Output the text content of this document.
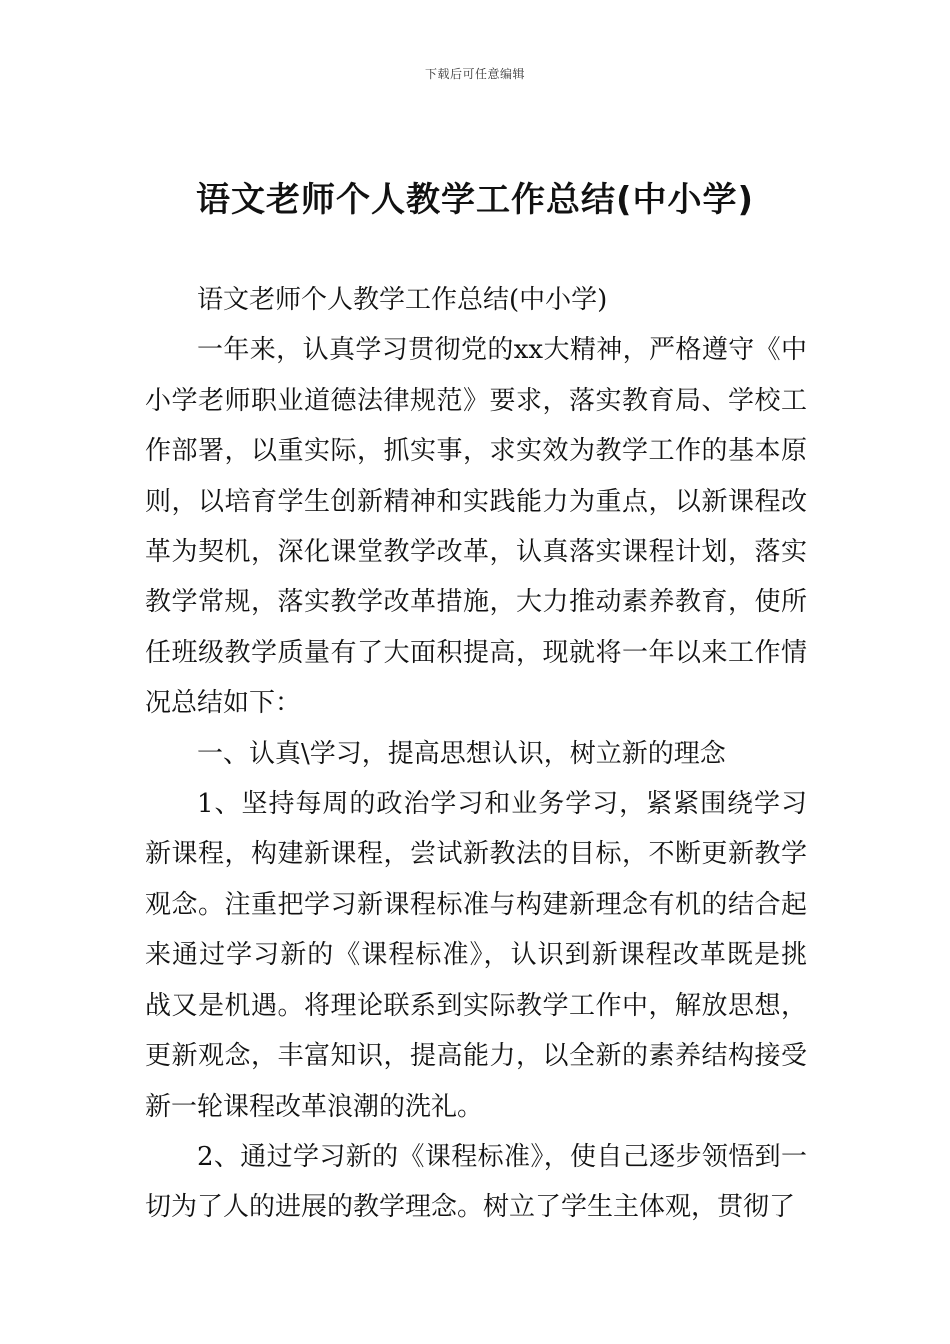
下载后可任意编辑
语文老师个人教学工作总结(中小学)

语文老师个人教学工作总结(中小学)

一年来，认真学习贯彻党的xx大精神，严格遵守《中小学老师职业道德法律规范》要求，落实教育局、学校工作部署，以重实际，抓实事，求实效为教学工作的基本原则，以培育学生创新精神和实践能力为重点，以新课程改革为契机，深化课堂教学改革，认真落实课程计划，落实教学常规，落实教学改革措施，大力推动素养教育，使所任班级教学质量有了大面积提高，现就将一年以来工作情况总结如下：

一、认真\学习，提高思想认识，树立新的理念

1、坚持每周的政治学习和业务学习，紧紧围绕学习新课程，构建新课程，尝试新教法的目标，不断更新教学观念。注重把学习新课程标准与构建新理念有机的结合起来通过学习新的《课程标准》，认识到新课程改革既是挑战又是机遇。将理论联系到实际教学工作中，解放思想，更新观念，丰富知识，提高能力，以全新的素养结构接受新一轮课程改革浪潮的洗礼。

2、通过学习新的《课程标准》，使自己逐步领悟到一切为了人的进展的教学理念。树立了学生主体观，贯彻了
